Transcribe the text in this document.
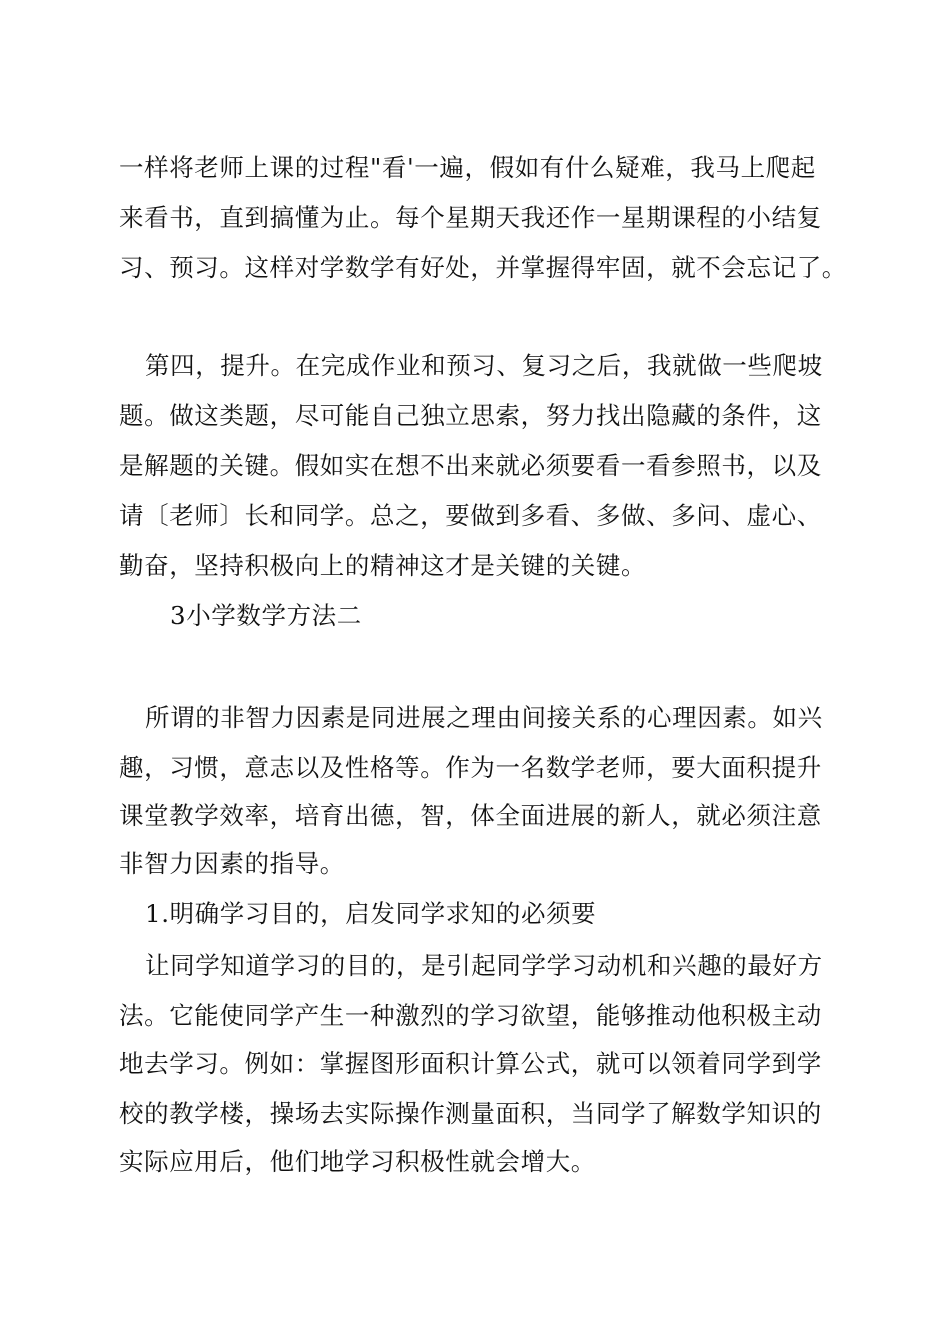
一样将老师上课的过程"看'一遍，假如有什么疑难，我马上爬起
来看书，直到搞懂为止。每个星期天我还作一星期课程的小结复
习、预习。这样对学数学有好处，并掌握得牢固，就不会忘记了。
第四，提升。在完成作业和预习、复习之后，我就做一些爬坡
题。做这类题，尽可能自己独立思索，努力找出隐藏的条件，这
是解题的关键。假如实在想不出来就必须要看一看参照书，以及
请〔老师〕长和同学。总之，要做到多看、多做、多问、虚心、
勤奋，坚持积极向上的精神这才是关键的关键。
3小学数学方法二
所谓的非智力因素是同进展之理由间接关系的心理因素。如兴
趣，习惯，意志以及性格等。作为一名数学老师，要大面积提升
课堂教学效率，培育出德，智，体全面进展的新人，就必须注意
非智力因素的指导。
1.明确学习目的，启发同学求知的必须要
让同学知道学习的目的，是引起同学学习动机和兴趣的最好方
法。它能使同学产生一种激烈的学习欲望，能够推动他积极主动
地去学习。例如：掌握图形面积计算公式，就可以领着同学到学
校的教学楼，操场去实际操作测量面积，当同学了解数学知识的
实际应用后，他们地学习积极性就会增大。
